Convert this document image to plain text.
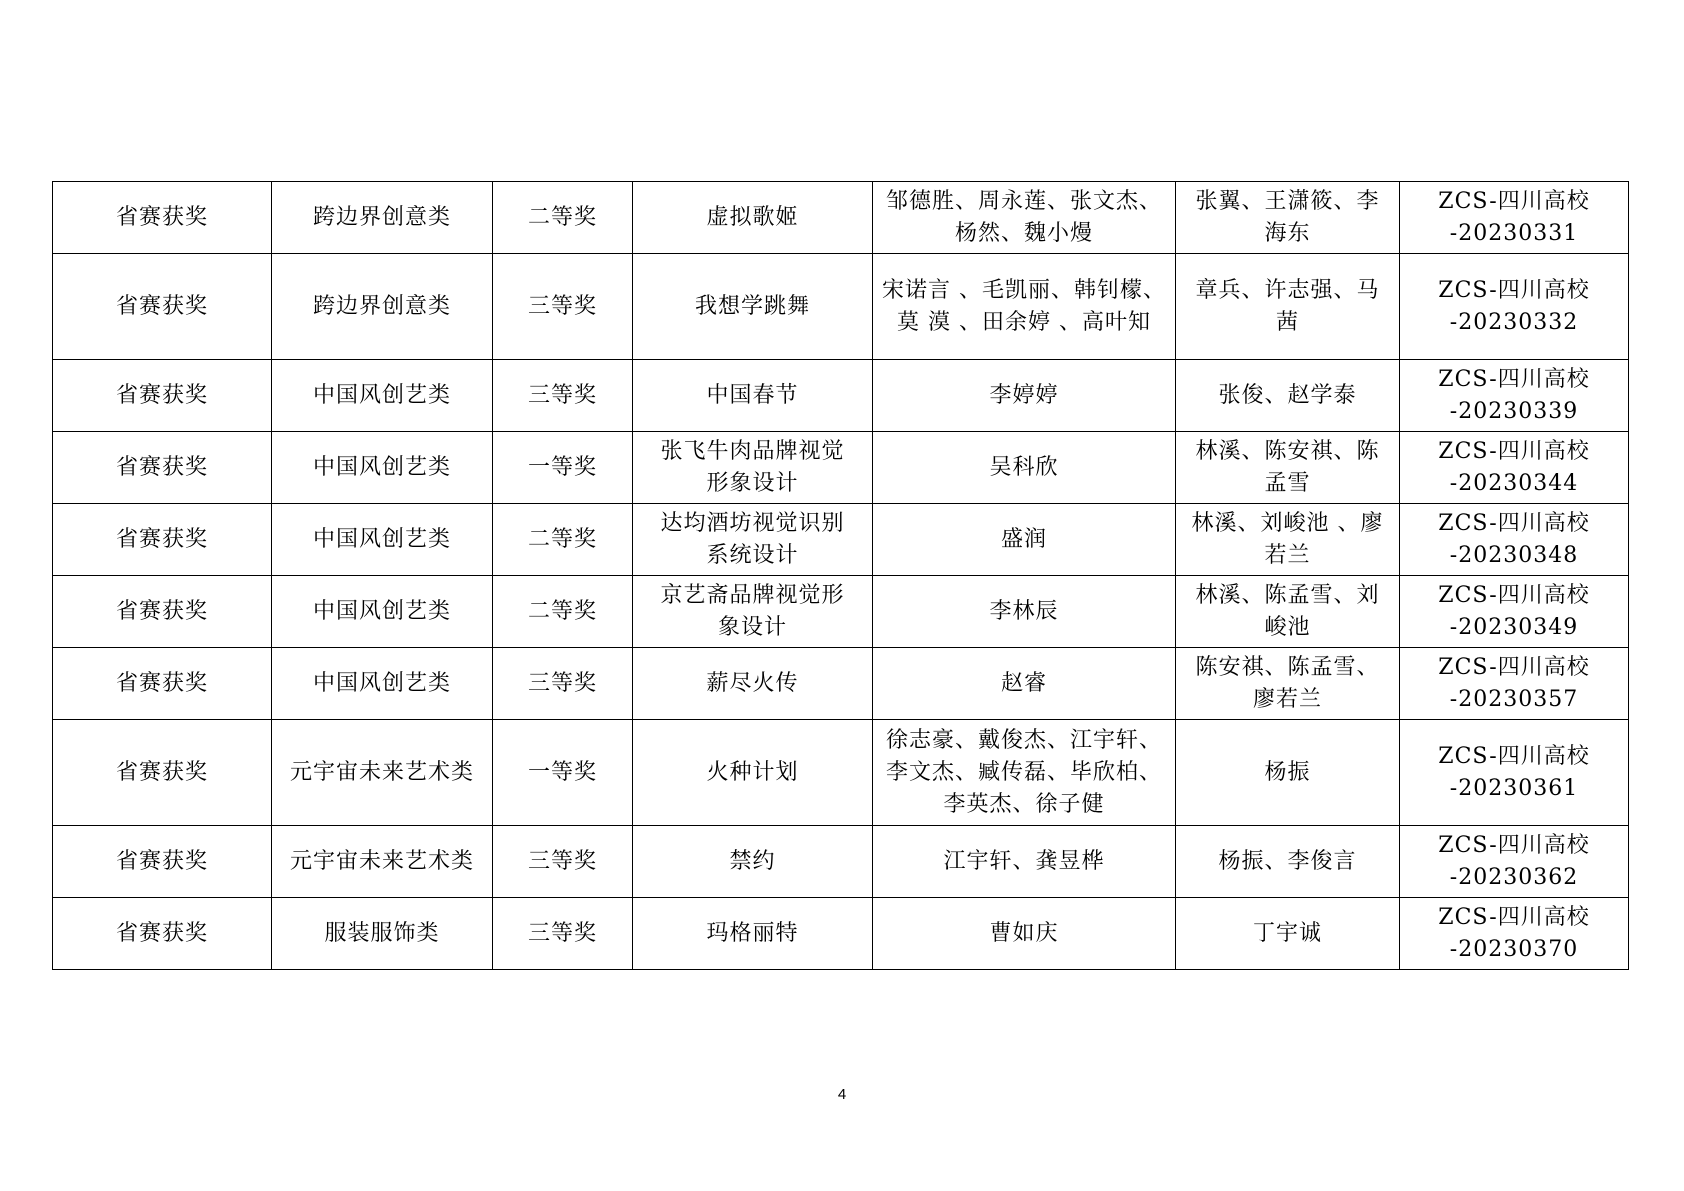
省赛获奖	跨边界创意类	二等奖	虚拟歌姬	邹德胜、周永莲、张文杰、
杨然、魏小熳	张翼、王潇筱、李
海东	ZCS-四川高校
-20230331
省赛获奖	跨边界创意类	三等奖	我想学跳舞	宋诺言 、毛凯丽、韩钊檬、
莫 漠 、田余婷 、高叶知	章兵、许志强、马
茜	ZCS-四川高校
-20230332
省赛获奖	中国风创艺类	三等奖	中国春节	李婷婷	张俊、赵学泰	ZCS-四川高校
-20230339
省赛获奖	中国风创艺类	一等奖	张飞牛肉品牌视觉
形象设计	吴科欣	林溪、陈安祺、陈
孟雪	ZCS-四川高校
-20230344
省赛获奖	中国风创艺类	二等奖	达均酒坊视觉识别
系统设计	盛润	林溪、刘峻池 、廖
若兰	ZCS-四川高校
-20230348
省赛获奖	中国风创艺类	二等奖	京艺斋品牌视觉形
象设计	李林辰	林溪、陈孟雪、刘
峻池	ZCS-四川高校
-20230349
省赛获奖	中国风创艺类	三等奖	薪尽火传	赵睿	陈安祺、陈孟雪、
廖若兰	ZCS-四川高校
-20230357
省赛获奖	元宇宙未来艺术类	一等奖	火种计划	徐志豪、戴俊杰、江宇轩、
李文杰、臧传磊、毕欣柏、
李英杰、徐子健	杨振	ZCS-四川高校
-20230361
省赛获奖	元宇宙未来艺术类	三等奖	禁约	江宇轩、龚昱桦	杨振、李俊言	ZCS-四川高校
-20230362
省赛获奖	服装服饰类	三等奖	玛格丽特	曹如庆	丁宇诚	ZCS-四川高校
-20230370
4
